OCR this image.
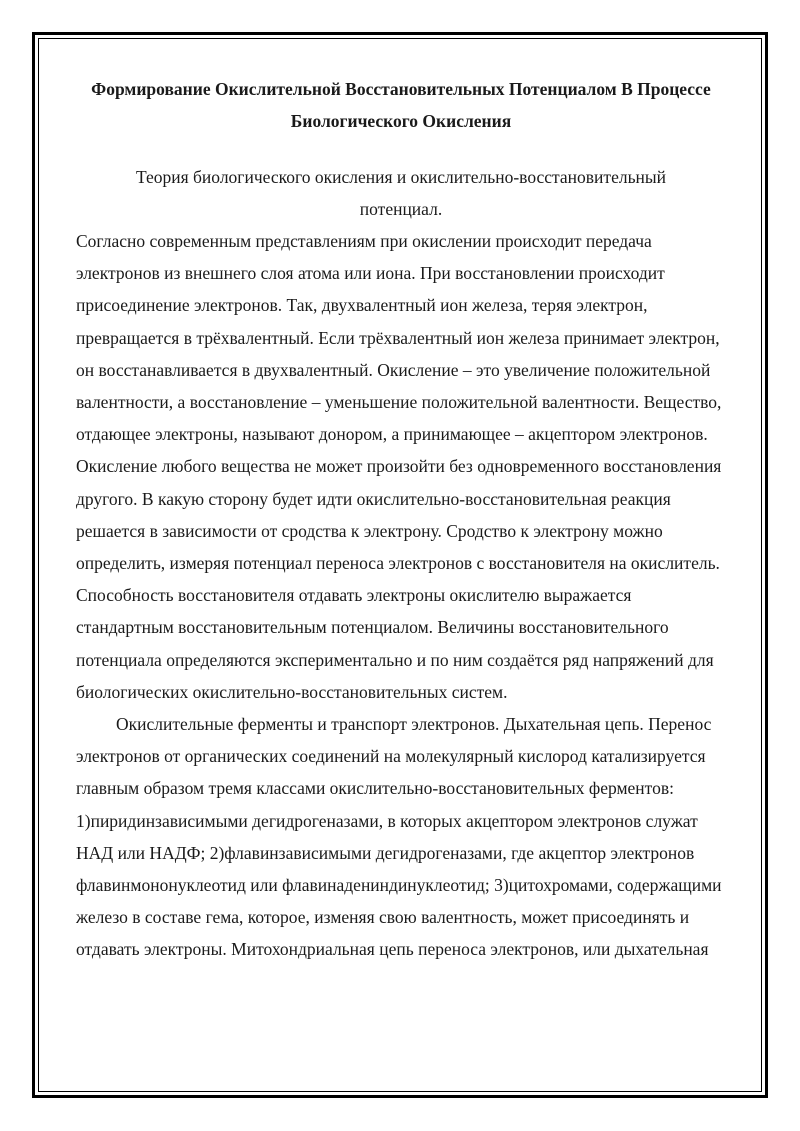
Формирование Окислительной Восстановительных Потенциалом В Процессе Биологического Окисления

Теория биологического окисления и окислительно-восстановительный потенциал.

Согласно современным представлениям при окислении происходит передача электронов из внешнего слоя атома или иона. При восстановлении происходит присоединение электронов. Так, двухвалентный ион железа, теряя электрон, превращается в трёхвалентный. Если трёхвалентный ион железа принимает электрон, он восстанавливается в двухвалентный. Окисление – это увеличение положительной валентности, а восстановление – уменьшение положительной валентности. Вещество, отдающее электроны, называют донором, а принимающее – акцептором электронов. Окисление любого вещества не может произойти без одновременного восстановления другого. В какую сторону будет идти окислительно-восстановительная реакция решается в зависимости от сродства к электрону. Сродство к электрону можно определить, измеряя потенциал переноса электронов с восстановителя на окислитель. Способность восстановителя отдавать электроны окислителю выражается стандартным восстановительным потенциалом. Величины восстановительного потенциала определяются экспериментально и по ним создаётся ряд напряжений для биологических окислительно-восстановительных систем.

Окислительные ферменты и транспорт электронов. Дыхательная цепь. Перенос электронов от органических соединений на молекулярный кислород катализируется главным образом тремя классами окислительно-восстановительных ферментов: 1)пиридинзависимыми дегидрогеназами, в которых акцептором электронов служат НАД или НАДФ; 2)флавинзависимыми дегидрогеназами, где акцептор электронов флавинмононуклеотид или флавинадениндинуклеотид; 3)цитохромами, содержащими железо в составе гема, которое, изменяя свою валентность, может присоединять и отдавать электроны. Митохондриальная цепь переноса электронов, или дыхательная
